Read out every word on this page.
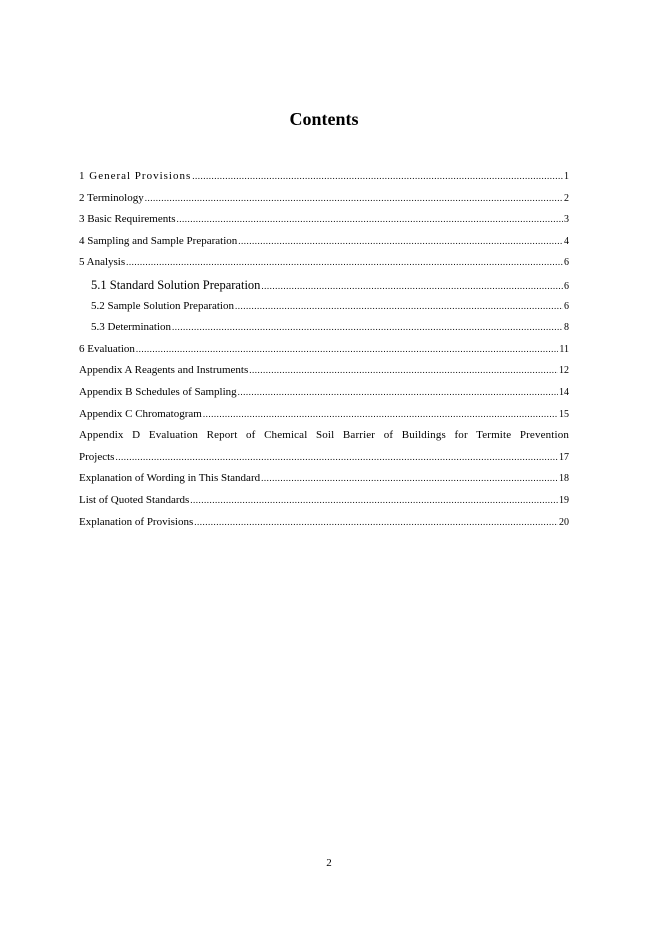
Contents
1 General Provisions .....	1
2 Terminology .....	2
3 Basic Requirements .....	3
4 Sampling and Sample Preparation .....	4
5 Analysis .....	6
5.1 Standard Solution Preparation .....	6
5.2 Sample Solution Preparation .....	6
5.3 Determination .....	8
6 Evaluation .....	11
Appendix A Reagents and Instruments .....	12
Appendix B Schedules of Sampling .....	14
Appendix C Chromatogram .....	15
Appendix D Evaluation Report of Chemical Soil Barrier of Buildings for Termite Prevention
Projects .....	17
Explanation of Wording in This Standard .....	18
List of Quoted Standards .....	19
Explanation of Provisions .....	20
2
